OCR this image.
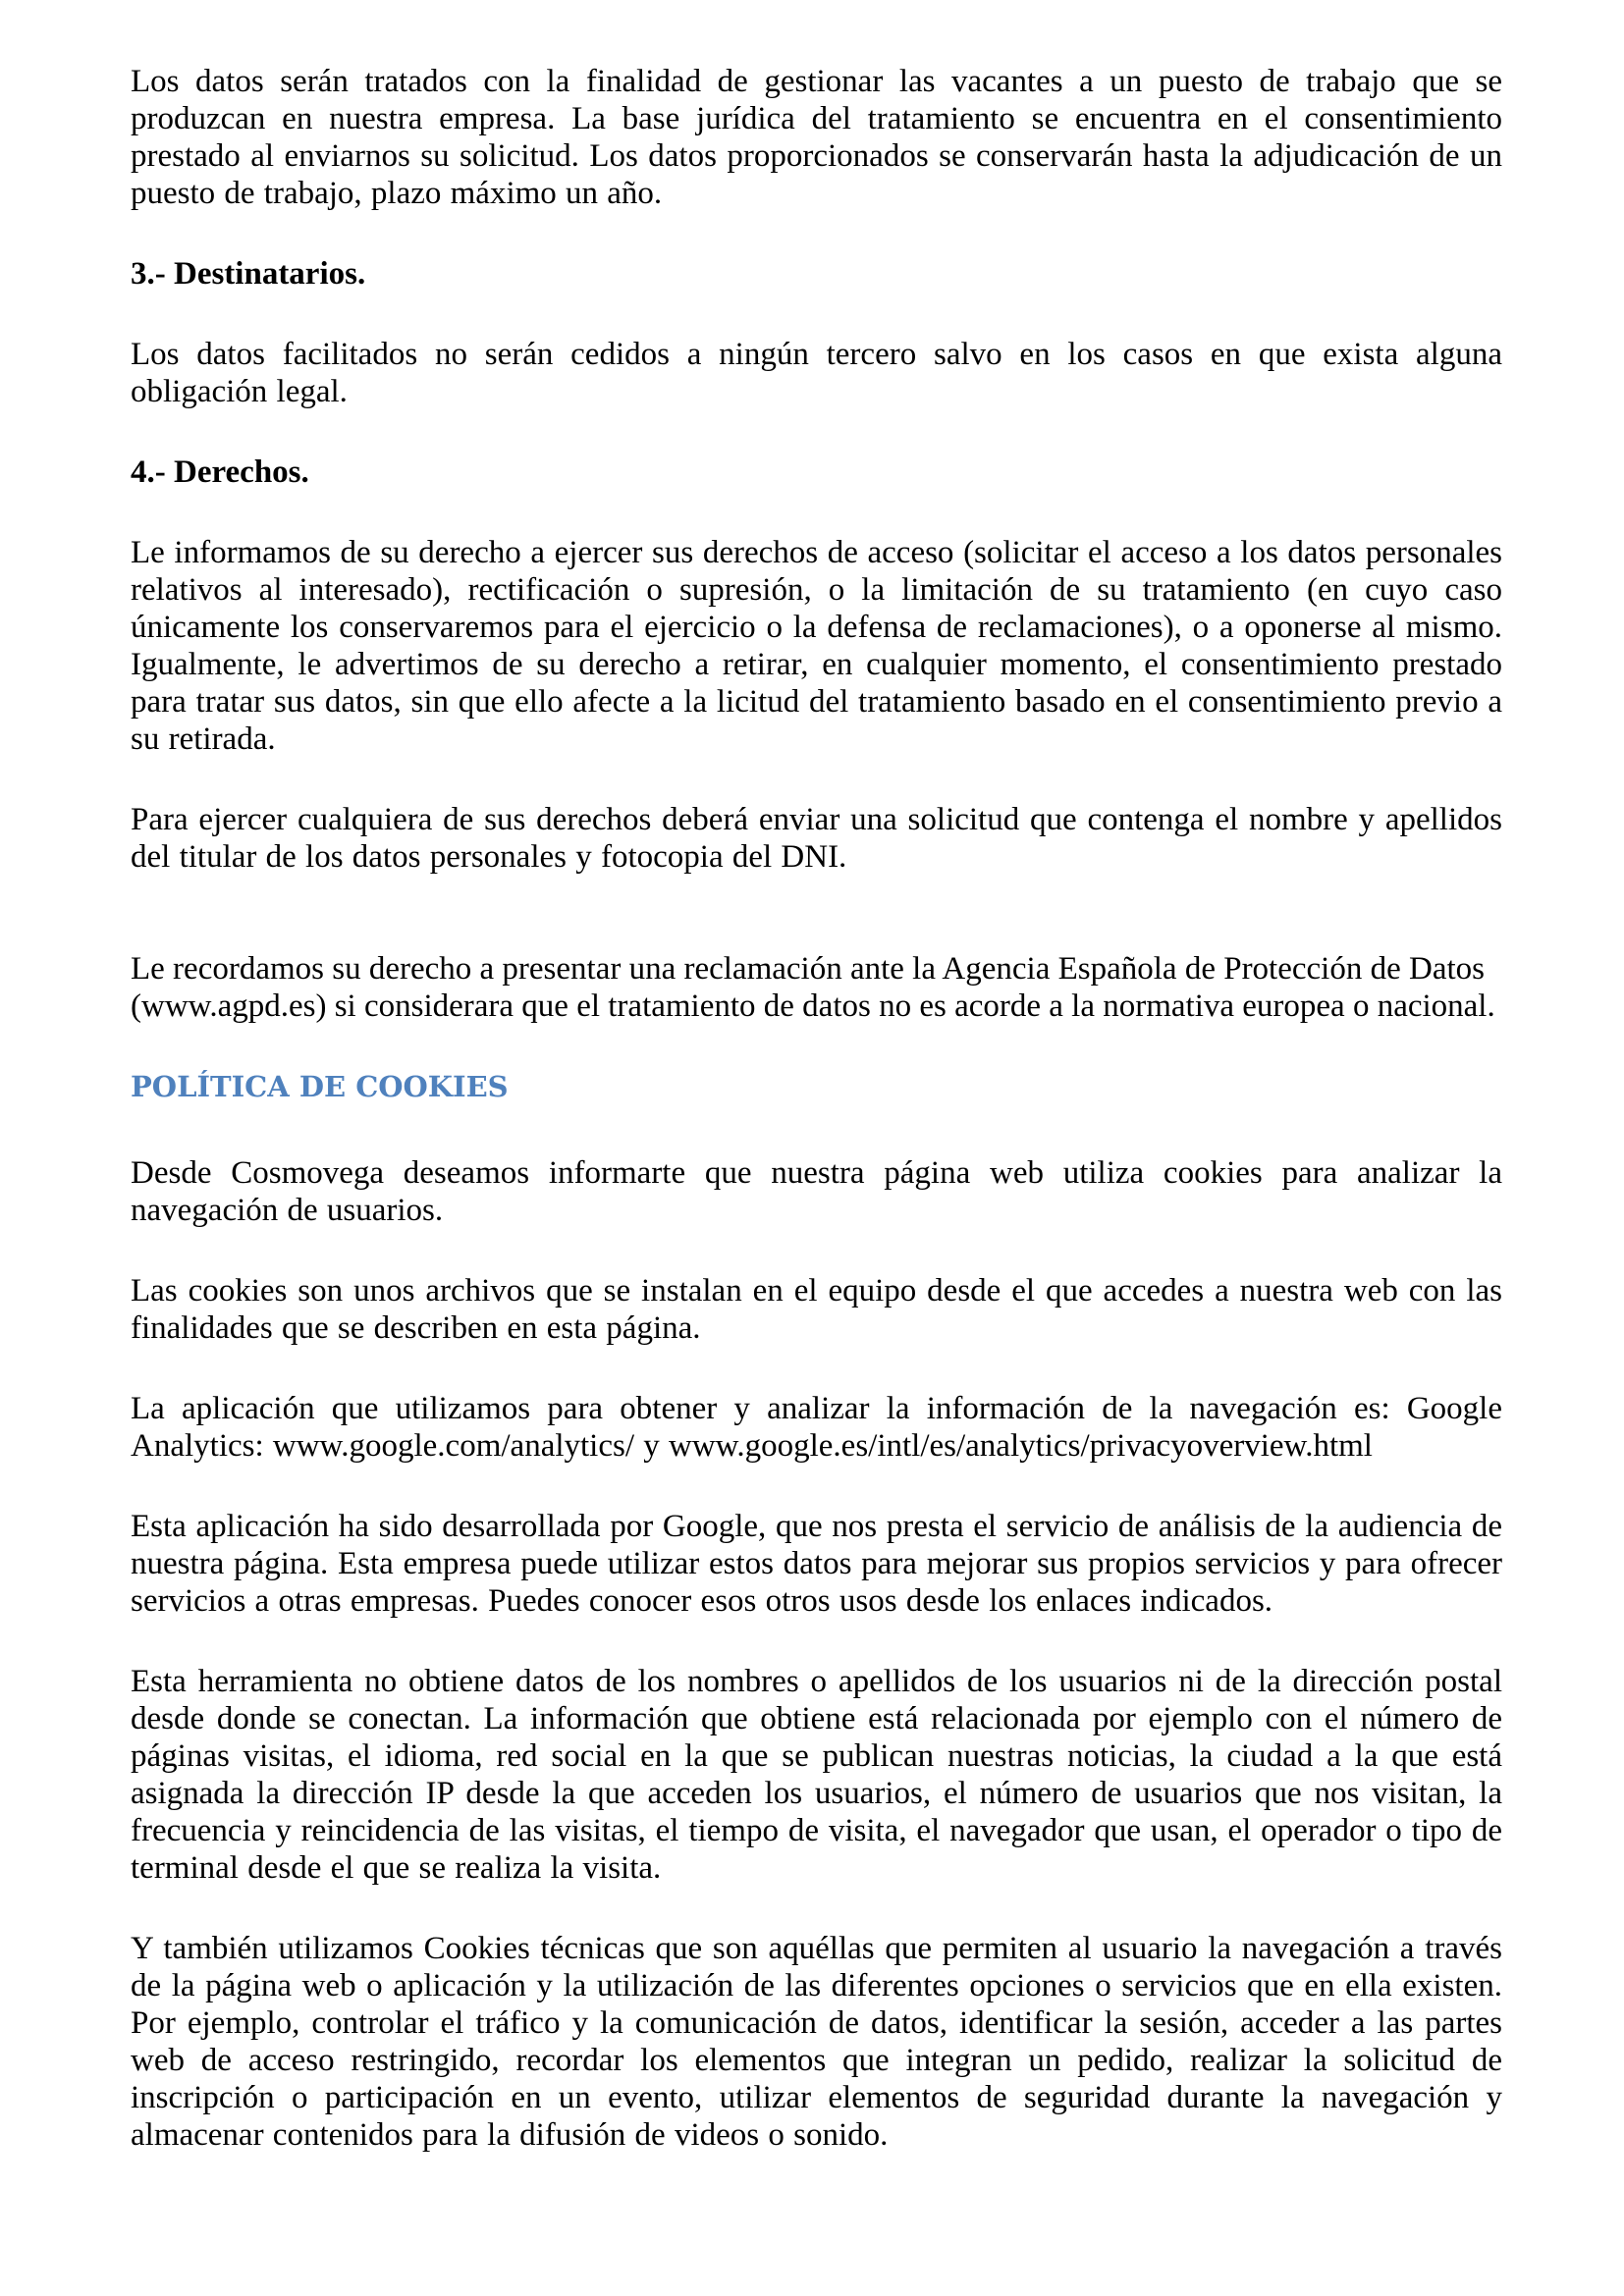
Los datos serán tratados con la finalidad de gestionar las vacantes a un puesto de trabajo que se produzcan en nuestra empresa. La base jurídica del tratamiento se encuentra en el consentimiento prestado al enviarnos su solicitud. Los datos proporcionados se conservarán hasta la adjudicación de un puesto de trabajo, plazo máximo un año.

3.- Destinatarios.

Los datos facilitados no serán cedidos a ningún tercero salvo en los casos en que exista alguna obligación legal.

4.- Derechos.

Le informamos de su derecho a ejercer sus derechos de acceso (solicitar el acceso a los datos personales relativos al interesado), rectificación o supresión, o la limitación de su tratamiento (en cuyo caso únicamente los conservaremos para el ejercicio o la defensa de reclamaciones), o a oponerse al mismo. Igualmente, le advertimos de su derecho a retirar, en cualquier momento, el consentimiento prestado para tratar sus datos, sin que ello afecte a la licitud del tratamiento basado en el consentimiento previo a su retirada.

Para ejercer cualquiera de sus derechos deberá enviar una solicitud que contenga el nombre y apellidos del titular de los datos personales y fotocopia del DNI.

Le recordamos su derecho a presentar una reclamación ante la Agencia Española de Protección de Datos (www.agpd.es) si considerara que el tratamiento de datos no es acorde a la normativa europea o nacional.

POLÍTICA DE COOKIES

Desde Cosmovega deseamos informarte que nuestra página web utiliza cookies para analizar la navegación de usuarios.

Las cookies son unos archivos que se instalan en el equipo desde el que accedes a nuestra web con las finalidades que se describen en esta página.

La aplicación que utilizamos para obtener y analizar la información de la navegación es: Google Analytics: www.google.com/analytics/ y www.google.es/intl/es/analytics/privacyoverview.html

Esta aplicación ha sido desarrollada por Google, que nos presta el servicio de análisis de la audiencia de nuestra página. Esta empresa puede utilizar estos datos para mejorar sus propios servicios y para ofrecer servicios a otras empresas. Puedes conocer esos otros usos desde los enlaces indicados.

Esta herramienta no obtiene datos de los nombres o apellidos de los usuarios ni de la dirección postal desde donde se conectan. La información que obtiene está relacionada por ejemplo con el número de páginas visitas, el idioma, red social en la que se publican nuestras noticias, la ciudad a la que está asignada la dirección IP desde la que acceden los usuarios, el número de usuarios que nos visitan, la frecuencia y reincidencia de las visitas, el tiempo de visita, el navegador que usan, el operador o tipo de terminal desde el que se realiza la visita.

Y también utilizamos Cookies técnicas que son aquéllas que permiten al usuario la navegación a través de la página web o aplicación y la utilización de las diferentes opciones o servicios que en ella existen. Por ejemplo, controlar el tráfico y la comunicación de datos, identificar la sesión, acceder a las partes web de acceso restringido, recordar los elementos que integran un pedido, realizar la solicitud de inscripción o participación en un evento, utilizar elementos de seguridad durante la navegación y almacenar contenidos para la difusión de videos o sonido.
